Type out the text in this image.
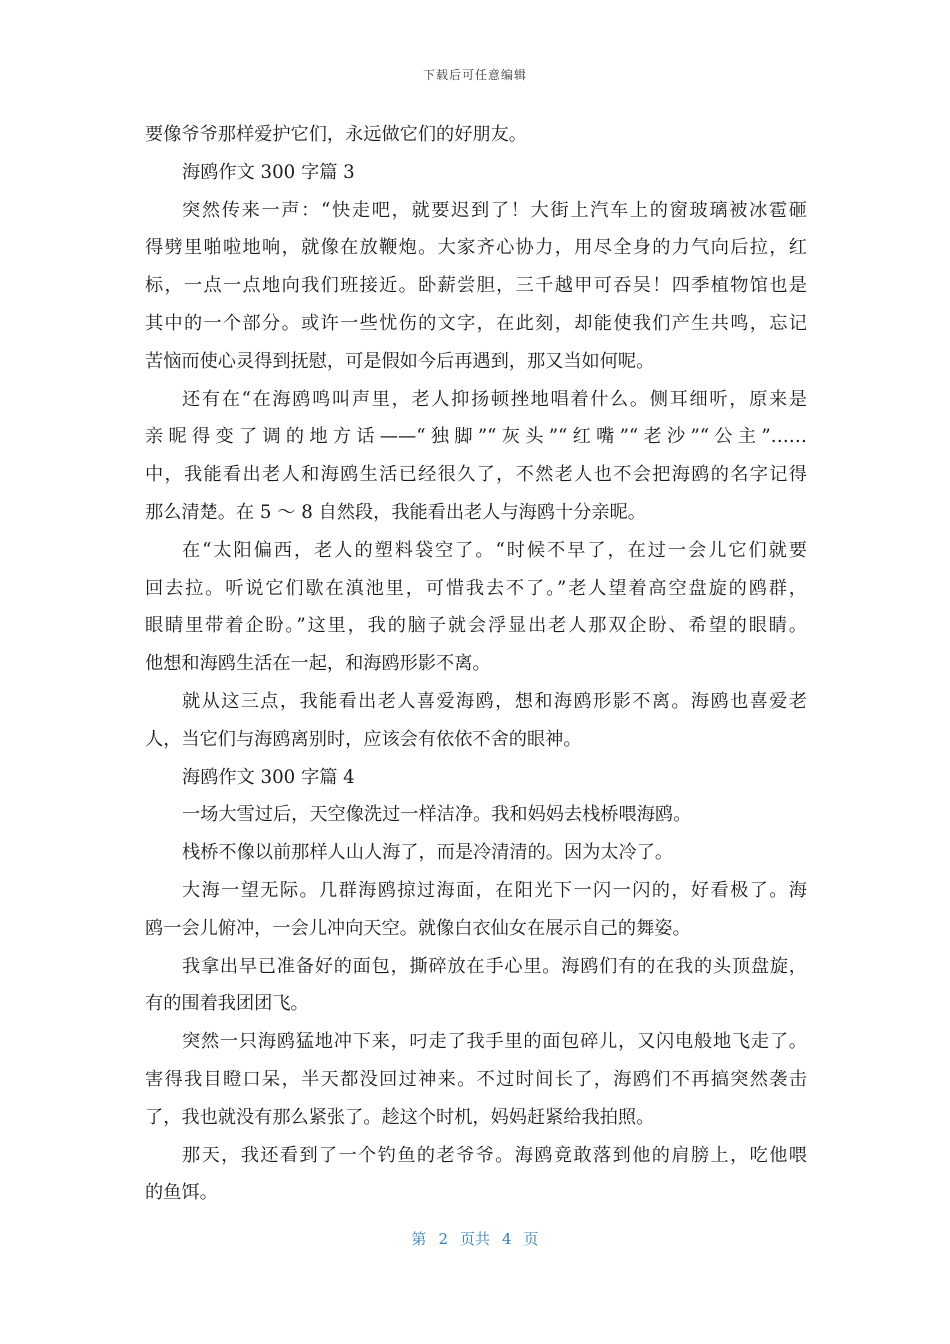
下载后可任意编辑
要像爷爷那样爱护它们，永远做它们的好朋友。
海鸥作文 300 字篇 3
突然传来一声：“快走吧，就要迟到了！大街上汽车上的窗玻璃被冰雹砸
得劈里啪啦地响，就像在放鞭炮。大家齐心协力，用尽全身的力气向后拉，红
标，一点一点地向我们班接近。卧薪尝胆，三千越甲可吞吴！四季植物馆也是
其中的一个部分。或许一些忧伤的文字，在此刻，却能使我们产生共鸣，忘记
苦恼而使心灵得到抚慰，可是假如今后再遇到，那又当如何呢。
还有在“在海鸥鸣叫声里，老人抑扬顿挫地唱着什么。侧耳细听，原来是
亲昵得变了调的地方话——“独脚”“灰头”“红嘴”“老沙”“公主”……
中，我能看出老人和海鸥生活已经很久了，不然老人也不会把海鸥的名字记得
那么清楚。在 5 ～ 8 自然段，我能看出老人与海鸥十分亲昵。
在“太阳偏西，老人的塑料袋空了。“时候不早了，在过一会儿它们就要
回去拉。听说它们歇在滇池里，可惜我去不了。”老人望着高空盘旋的鸥群，
眼睛里带着企盼。”这里，我的脑子就会浮显出老人那双企盼、希望的眼睛。
他想和海鸥生活在一起，和海鸥形影不离。
就从这三点，我能看出老人喜爱海鸥，想和海鸥形影不离。海鸥也喜爱老
人，当它们与海鸥离别时，应该会有依依不舍的眼神。
海鸥作文 300 字篇 4
一场大雪过后，天空像洗过一样洁净。我和妈妈去栈桥喂海鸥。
栈桥不像以前那样人山人海了，而是冷清清的。因为太冷了。
大海一望无际。几群海鸥掠过海面，在阳光下一闪一闪的，好看极了。海
鸥一会儿俯冲，一会儿冲向天空。就像白衣仙女在展示自己的舞姿。
我拿出早已准备好的面包，撕碎放在手心里。海鸥们有的在我的头顶盘旋，
有的围着我团团飞。
突然一只海鸥猛地冲下来，叼走了我手里的面包碎儿，又闪电般地飞走了。
害得我目瞪口呆，半天都没回过神来。不过时间长了，海鸥们不再搞突然袭击
了，我也就没有那么紧张了。趁这个时机，妈妈赶紧给我拍照。
那天，我还看到了一个钓鱼的老爷爷。海鸥竟敢落到他的肩膀上，吃他喂
的鱼饵。
第 2 页共 4 页
